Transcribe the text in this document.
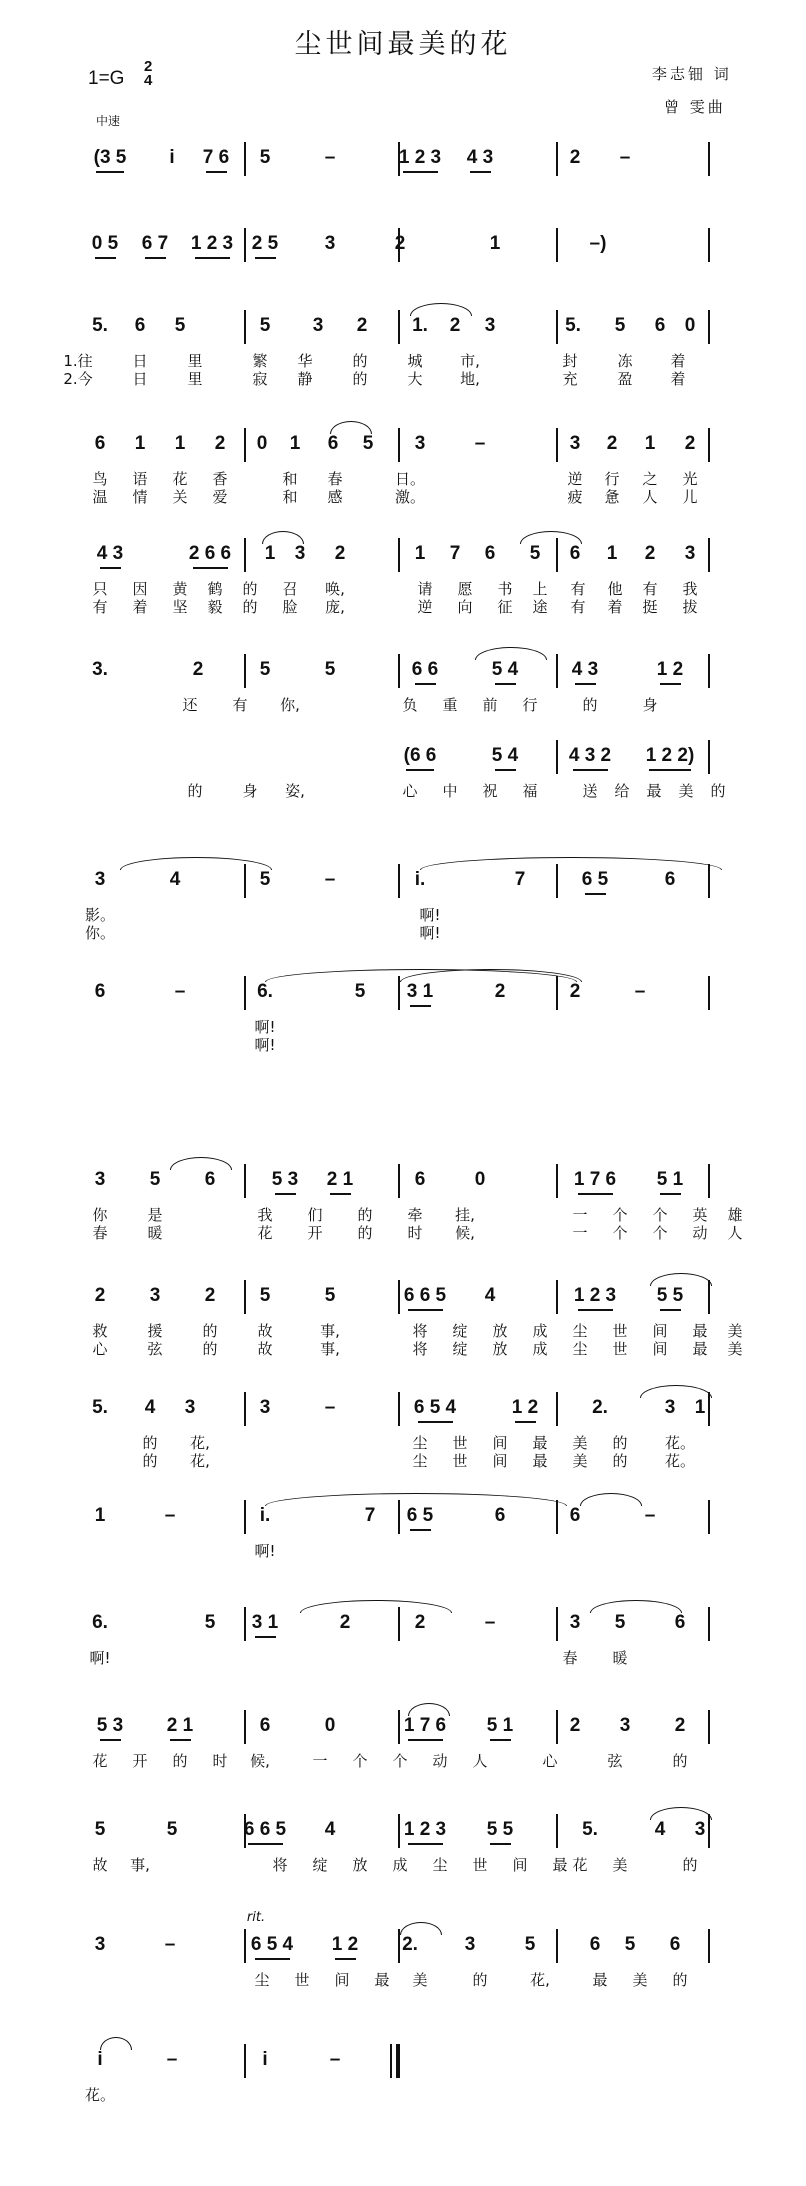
尘世间最美的花
1=G
2
4
中速
李志钿 词
曾 雯曲
(3 5 i 7 6 5	–	1 2 3 4 3	2 –
0 5 6 7 1 2 3 2 5 3	2	1	–)
5. 6 5	5 3 2 1. 2 3	5. 5 6 0
1.往	日	里	繁 华	的	城	市,	封	冻	着
2.今	日	里	寂 静	的	大	地,	充	盈	着
6 1 1 2 0 1 6 5 3	–	3 2 1 2
鸟 语 花 香	和 春	日。	逆 行 之 光
温 情 关 爱	和 感	激。	疲 惫 人 儿
4 3	2 6 6 1 3 2	1 7 6 5 6 1 2 3
只 因 黄 鹤 的 召 唤,	请 愿 书 上 有 他 有 我
有 着 坚 毅 的 脸 庞,	逆 向 征 途 有 着 挺 拔
3.	2	5	5	6 6	5 4	4 3	1 2
还 有 你,	负 重 前 行	的	身
(6 6	5 4	4 3 2 1 2 2)
的	身 姿,	心 中 祝 福	送 给 最 美 的
3	4	5	–	i.	7	6 5	6
影。	啊!
你。	啊!
6	–	6.	5 3 1	2	2	–
啊!
啊!
3 5 6	5 3 2 1	6	0	1 7 6 5 1
你	是	我 们 的 牵 挂,	一 个 个 英 雄
春	暖	花 开 的 时 候,	一 个 个 动 人
2 3 2 5	5	6 6 5 4	1 2 3 5 5
救	援	的	故	事,	将 绽 放 成 尘 世 间 最 美
心	弦	的	故	事,	将 绽 放 成 尘 世 间 最 美
5. 4 3	3	–	6 5 4	1 2	2.	3 1
的 花,	尘 世 间 最 美 的 花。
的 花,	尘 世 间 最 美 的 花。
1	–	i.	7 6 5	6	6	–
啊!
6.	5 3 1	2	2	–	3 5	6
啊!	春 暖
5 3 2 1	6	0	1 7 6 5 1	2 3 2
花 开 的 时 候,	一 个 个 动 人	心	弦	的
5	5	6 6 5 4	1 2 3 5 5	5.	4 3
故 事,	将 绽 放 成 尘 世 间 最	美	的
花
3	–	6 5 4 1 2 2. 3	5	6 5 6
rit.
尘 世 间 最 美	的	花,	最 美 的
i	–	i	–
花。
